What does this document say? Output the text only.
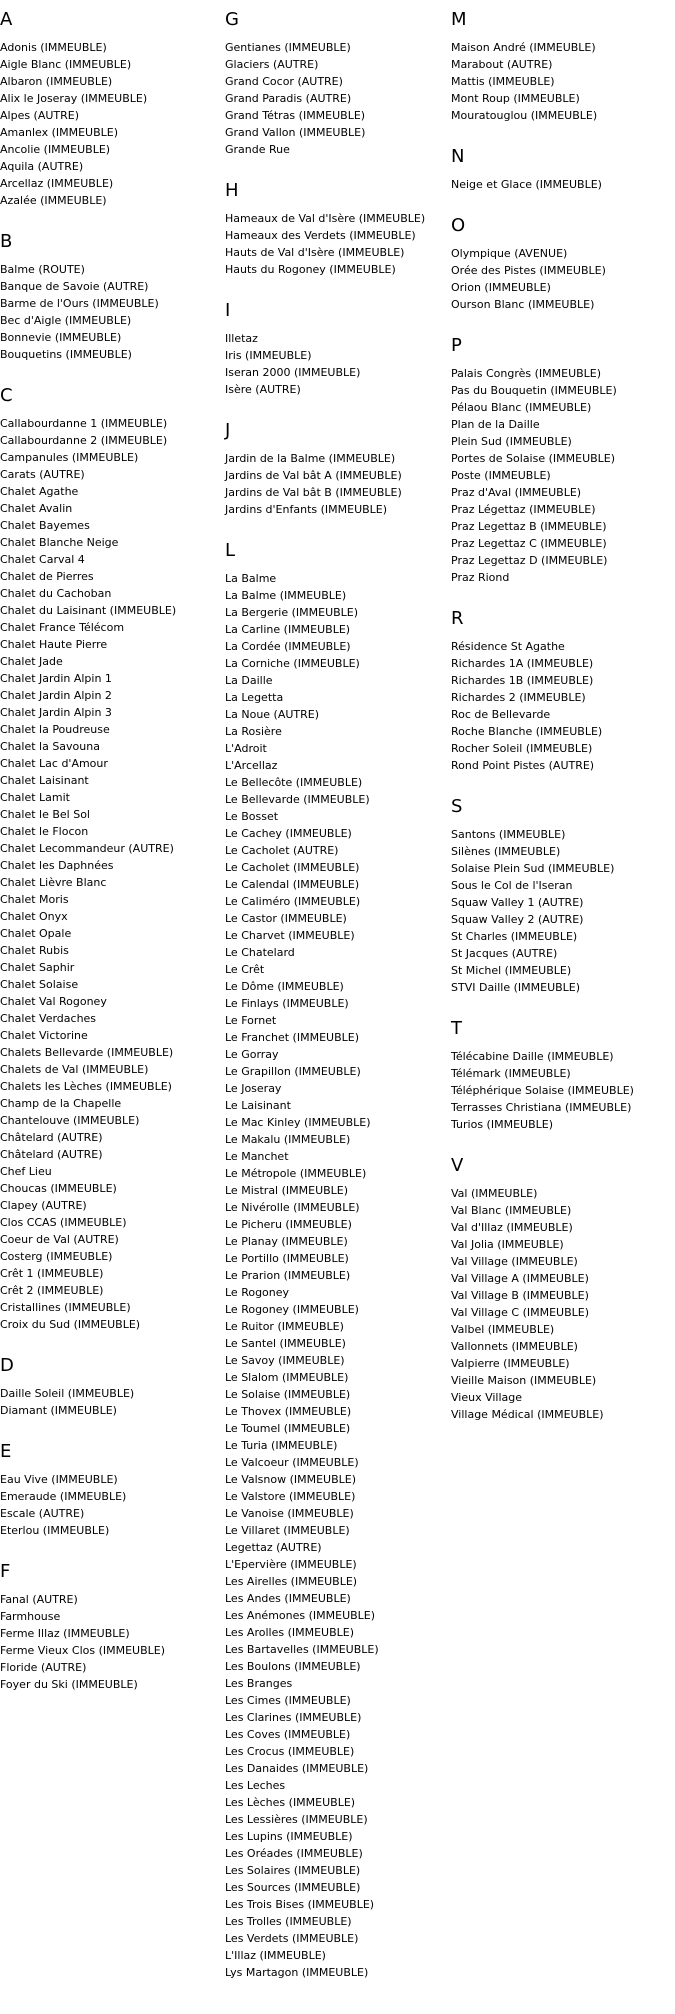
A
Adonis (IMMEUBLE)
Aigle Blanc (IMMEUBLE)
Albaron (IMMEUBLE)
Alix le Joseray (IMMEUBLE)
Alpes (AUTRE)
Amanlex (IMMEUBLE)
Ancolie (IMMEUBLE)
Aquila (AUTRE)
Arcellaz (IMMEUBLE)
Azalée (IMMEUBLE)
B
Balme (ROUTE)
Banque de Savoie (AUTRE)
Barme de l'Ours (IMMEUBLE)
Bec d'Aigle (IMMEUBLE)
Bonnevie (IMMEUBLE)
Bouquetins (IMMEUBLE)
C
Callabourdanne 1 (IMMEUBLE)
Callabourdanne 2 (IMMEUBLE)
Campanules (IMMEUBLE)
Carats (AUTRE)
Chalet Agathe
Chalet Avalin
Chalet Bayemes
Chalet Blanche Neige
Chalet Carval 4
Chalet de Pierres
Chalet du Cachoban
Chalet du Laisinant (IMMEUBLE)
Chalet France Télécom
Chalet Haute Pierre
Chalet Jade
Chalet Jardin Alpin 1
Chalet Jardin Alpin 2
Chalet Jardin Alpin 3
Chalet la Poudreuse
Chalet la Savouna
Chalet Lac d'Amour
Chalet Laisinant
Chalet Lamit
Chalet le Bel Sol
Chalet le Flocon
Chalet Lecommandeur (AUTRE)
Chalet les Daphnées
Chalet Lièvre Blanc
Chalet Moris
Chalet Onyx
Chalet Opale
Chalet Rubis
Chalet Saphir
Chalet Solaise
Chalet Val Rogoney
Chalet Verdaches
Chalet Victorine
Chalets Bellevarde (IMMEUBLE)
Chalets de Val (IMMEUBLE)
Chalets les Lèches (IMMEUBLE)
Champ de la Chapelle
Chantelouve (IMMEUBLE)
Châtelard (AUTRE)
Châtelard (AUTRE)
Chef Lieu
Choucas (IMMEUBLE)
Clapey (AUTRE)
Clos CCAS (IMMEUBLE)
Coeur de Val (AUTRE)
Costerg (IMMEUBLE)
Crêt 1 (IMMEUBLE)
Crêt 2 (IMMEUBLE)
Cristallines (IMMEUBLE)
Croix du Sud (IMMEUBLE)
D
Daille Soleil (IMMEUBLE)
Diamant (IMMEUBLE)
E
Eau Vive (IMMEUBLE)
Emeraude (IMMEUBLE)
Escale (AUTRE)
Eterlou (IMMEUBLE)
F
Fanal (AUTRE)
Farmhouse
Ferme Illaz (IMMEUBLE)
Ferme Vieux Clos (IMMEUBLE)
Floride (AUTRE)
Foyer du Ski (IMMEUBLE)
G
Gentianes (IMMEUBLE)
Glaciers (AUTRE)
Grand Cocor (AUTRE)
Grand Paradis (AUTRE)
Grand Tétras (IMMEUBLE)
Grand Vallon (IMMEUBLE)
Grande Rue
H
Hameaux de Val d'Isère (IMMEUBLE)
Hameaux des Verdets (IMMEUBLE)
Hauts de Val d'Isère (IMMEUBLE)
Hauts du Rogoney (IMMEUBLE)
I
Illetaz
Iris (IMMEUBLE)
Iseran 2000 (IMMEUBLE)
Isère (AUTRE)
J
Jardin de la Balme (IMMEUBLE)
Jardins de Val bât A (IMMEUBLE)
Jardins de Val bât B (IMMEUBLE)
Jardins d'Enfants (IMMEUBLE)
L
La Balme
La Balme (IMMEUBLE)
La Bergerie (IMMEUBLE)
La Carline (IMMEUBLE)
La Cordée (IMMEUBLE)
La Corniche (IMMEUBLE)
La Daille
La Legetta
La Noue (AUTRE)
La Rosière
L'Adroit
L'Arcellaz
Le Bellecôte (IMMEUBLE)
Le Bellevarde (IMMEUBLE)
Le Bosset
Le Cachey (IMMEUBLE)
Le Cacholet (AUTRE)
Le Cacholet (IMMEUBLE)
Le Calendal (IMMEUBLE)
Le Caliméro (IMMEUBLE)
Le Castor (IMMEUBLE)
Le Charvet (IMMEUBLE)
Le Chatelard
Le Crêt
Le Dôme (IMMEUBLE)
Le Finlays (IMMEUBLE)
Le Fornet
Le Franchet (IMMEUBLE)
Le Gorray
Le Grapillon (IMMEUBLE)
Le Joseray
Le Laisinant
Le Mac Kinley (IMMEUBLE)
Le Makalu (IMMEUBLE)
Le Manchet
Le Métropole (IMMEUBLE)
Le Mistral (IMMEUBLE)
Le Nivérolle (IMMEUBLE)
Le Picheru (IMMEUBLE)
Le Planay (IMMEUBLE)
Le Portillo (IMMEUBLE)
Le Prarion (IMMEUBLE)
Le Rogoney
Le Rogoney (IMMEUBLE)
Le Ruitor (IMMEUBLE)
Le Santel (IMMEUBLE)
Le Savoy (IMMEUBLE)
Le Slalom (IMMEUBLE)
Le Solaise (IMMEUBLE)
Le Thovex (IMMEUBLE)
Le Toumel (IMMEUBLE)
Le Turia (IMMEUBLE)
Le Valcoeur (IMMEUBLE)
Le Valsnow (IMMEUBLE)
Le Valstore (IMMEUBLE)
Le Vanoise (IMMEUBLE)
Le Villaret (IMMEUBLE)
Legettaz (AUTRE)
L'Epervière (IMMEUBLE)
Les Airelles (IMMEUBLE)
Les Andes (IMMEUBLE)
Les Anémones (IMMEUBLE)
Les Arolles (IMMEUBLE)
Les Bartavelles (IMMEUBLE)
Les Boulons (IMMEUBLE)
Les Branges
Les Cimes (IMMEUBLE)
Les Clarines (IMMEUBLE)
Les Coves (IMMEUBLE)
Les Crocus (IMMEUBLE)
Les Danaides (IMMEUBLE)
Les Leches
Les Lèches (IMMEUBLE)
Les Lessières (IMMEUBLE)
Les Lupins (IMMEUBLE)
Les Oréades (IMMEUBLE)
Les Solaires (IMMEUBLE)
Les Sources (IMMEUBLE)
Les Trois Bises (IMMEUBLE)
Les Trolles (IMMEUBLE)
Les Verdets (IMMEUBLE)
L'Illaz (IMMEUBLE)
Lys Martagon (IMMEUBLE)
M
Maison André (IMMEUBLE)
Marabout (AUTRE)
Mattis (IMMEUBLE)
Mont Roup (IMMEUBLE)
Mouratouglou (IMMEUBLE)
N
Neige et Glace (IMMEUBLE)
O
Olympique (AVENUE)
Orée des Pistes (IMMEUBLE)
Orion (IMMEUBLE)
Ourson Blanc (IMMEUBLE)
P
Palais Congrès (IMMEUBLE)
Pas du Bouquetin (IMMEUBLE)
Pélaou Blanc (IMMEUBLE)
Plan de la Daille
Plein Sud (IMMEUBLE)
Portes de Solaise (IMMEUBLE)
Poste (IMMEUBLE)
Praz d'Aval (IMMEUBLE)
Praz Légettaz (IMMEUBLE)
Praz Legettaz B (IMMEUBLE)
Praz Legettaz C (IMMEUBLE)
Praz Legettaz D (IMMEUBLE)
Praz Riond
R
Résidence St Agathe
Richardes 1A (IMMEUBLE)
Richardes 1B (IMMEUBLE)
Richardes 2 (IMMEUBLE)
Roc de Bellevarde
Roche Blanche (IMMEUBLE)
Rocher Soleil (IMMEUBLE)
Rond Point Pistes (AUTRE)
S
Santons (IMMEUBLE)
Silènes (IMMEUBLE)
Solaise Plein Sud (IMMEUBLE)
Sous le Col de l'Iseran
Squaw Valley 1 (AUTRE)
Squaw Valley 2 (AUTRE)
St Charles (IMMEUBLE)
St Jacques (AUTRE)
St Michel (IMMEUBLE)
STVI Daille (IMMEUBLE)
T
Télécabine Daille (IMMEUBLE)
Télémark (IMMEUBLE)
Téléphérique Solaise (IMMEUBLE)
Terrasses Christiana (IMMEUBLE)
Turios (IMMEUBLE)
V
Val (IMMEUBLE)
Val Blanc (IMMEUBLE)
Val d'Illaz (IMMEUBLE)
Val Jolia (IMMEUBLE)
Val Village (IMMEUBLE)
Val Village A (IMMEUBLE)
Val Village B (IMMEUBLE)
Val Village C (IMMEUBLE)
Valbel (IMMEUBLE)
Vallonnets (IMMEUBLE)
Valpierre (IMMEUBLE)
Vieille Maison (IMMEUBLE)
Vieux Village
Village Médical (IMMEUBLE)
